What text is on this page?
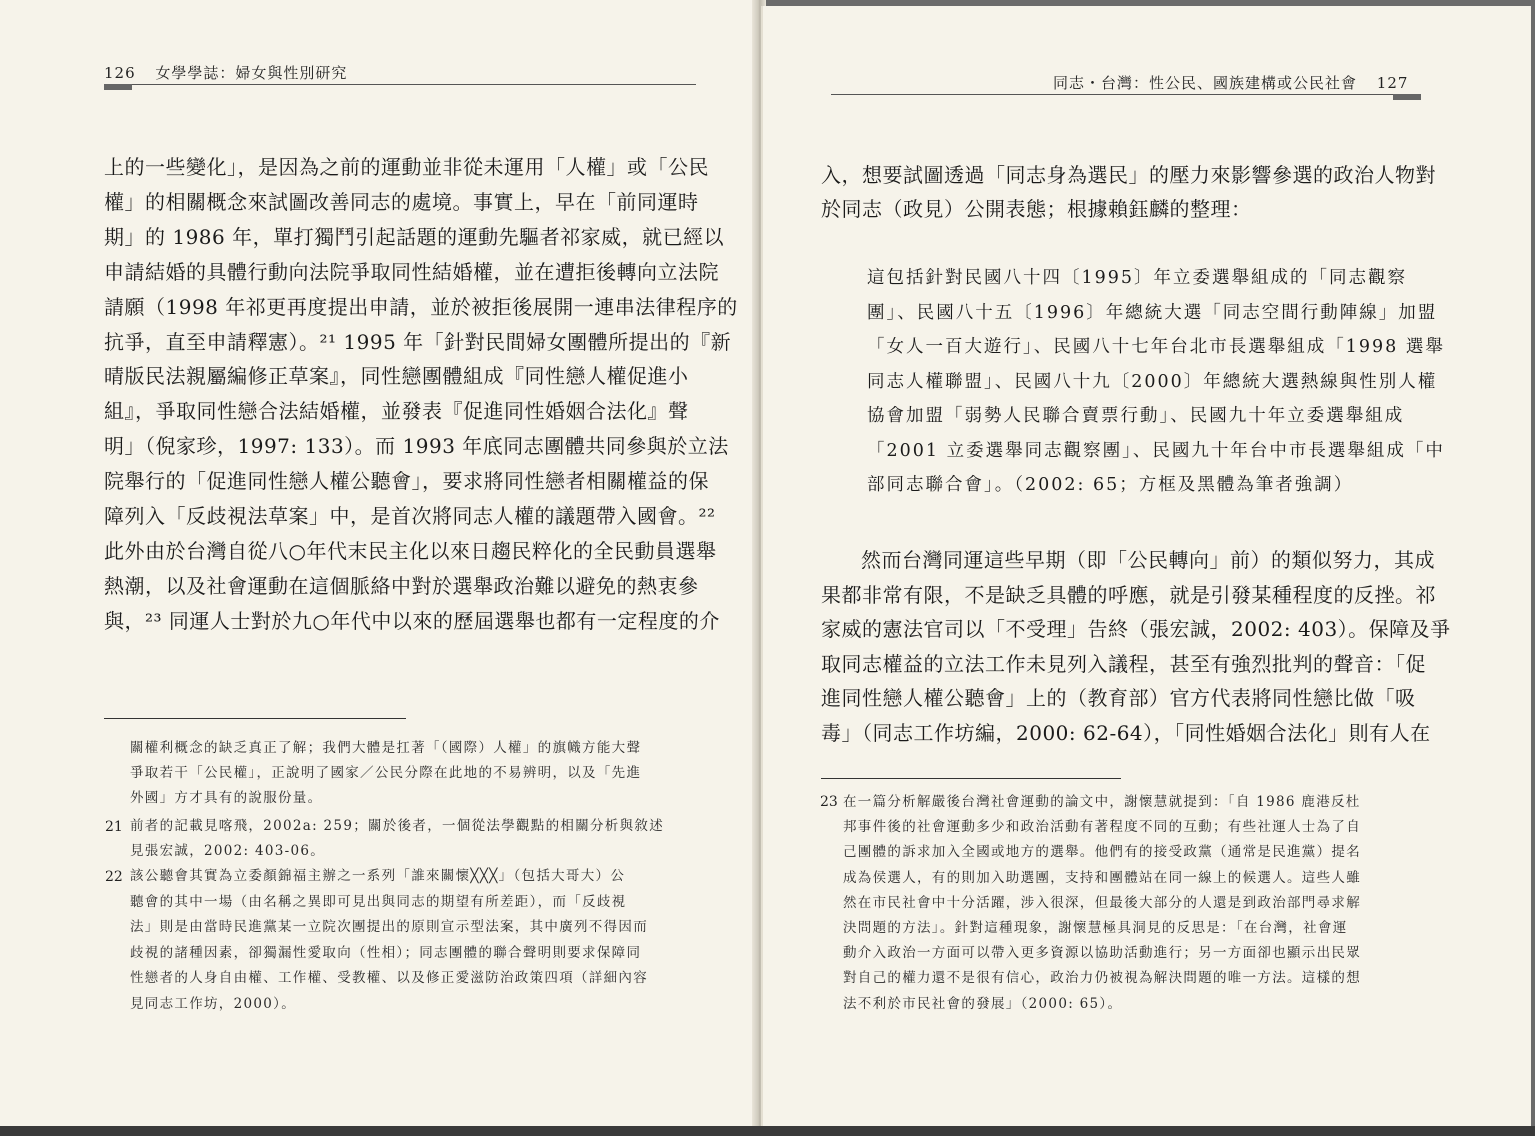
126 女學學誌：婦女與性別研究
上的一些變化」，是因為之前的運動並非從未運用「人權」或「公民
權」的相關概念來試圖改善同志的處境。事實上，早在「前同運時
期」的 1986 年，單打獨鬥引起話題的運動先驅者祁家威，就已經以
申請結婚的具體行動向法院爭取同性結婚權，並在遭拒後轉向立法院
請願（1998 年祁更再度提出申請，並於被拒後展開一連串法律程序的
抗爭，直至申請釋憲）。²¹ 1995 年「針對民間婦女團體所提出的『新
晴版民法親屬編修正草案』，同性戀團體組成『同性戀人權促進小
組』，爭取同性戀合法結婚權，並發表『促進同性婚姻合法化』聲
明」（倪家珍，1997: 133）。而 1993 年底同志團體共同參與於立法
院舉行的「促進同性戀人權公聽會」，要求將同性戀者相關權益的保
障列入「反歧視法草案」中，是首次將同志人權的議題帶入國會。²²
此外由於台灣自從八○年代末民主化以來日趨民粹化的全民動員選舉
熱潮，以及社會運動在這個脈絡中對於選舉政治難以避免的熱衷參
與，²³ 同運人士對於九○年代中以來的歷屆選舉也都有一定程度的介
關權利概念的缺乏真正了解；我們大體是扛著「（國際）人權」的旗幟方能大聲
爭取若干「公民權」，正說明了國家／公民分際在此地的不易辨明，以及「先進
外國」方才具有的說服份量。
21 前者的記載見喀飛，2002a: 259；關於後者，一個從法學觀點的相關分析與敘述
見張宏誠，2002: 403-06。
22 該公聽會其實為立委顏錦福主辦之一系列「誰來關懷╳╳╳」（包括大哥大）公
聽會的其中一場（由名稱之異即可見出與同志的期望有所差距），而「反歧視
法」則是由當時民進黨某一立院次團提出的原則宣示型法案，其中廣列不得因而
歧視的諸種因素，卻獨漏性愛取向（性相）；同志團體的聯合聲明則要求保障同
性戀者的人身自由權、工作權、受教權、以及修正愛滋防治政策四項（詳細內容
見同志工作坊，2000）。
同志・台灣：性公民、國族建構或公民社會 127
入，想要試圖透過「同志身為選民」的壓力來影響參選的政治人物對
於同志（政見）公開表態；根據賴鈺麟的整理：
這包括針對民國八十四〔1995〕年立委選舉組成的「同志觀察
團」、民國八十五〔1996〕年總統大選「同志空間行動陣線」加盟
「女人一百大遊行」、民國八十七年台北市長選舉組成「1998 選舉
同志人權聯盟」、民國八十九〔2000〕年總統大選熱線與性別人權
協會加盟「弱勢人民聯合賣票行動」、民國九十年立委選舉組成
「2001 立委選舉同志觀察團」、民國九十年台中市長選舉組成「中
部同志聯合會」。（2002: 65；方框及黑體為筆者強調）
然而台灣同運這些早期（即「公民轉向」前）的類似努力，其成
果都非常有限，不是缺乏具體的呼應，就是引發某種程度的反挫。祁
家威的憲法官司以「不受理」告終（張宏誠，2002: 403）。保障及爭
取同志權益的立法工作未見列入議程，甚至有強烈批判的聲音：「促
進同性戀人權公聽會」上的（教育部）官方代表將同性戀比做「吸
毒」（同志工作坊編，2000: 62-64），「同性婚姻合法化」則有人在
23 在一篇分析解嚴後台灣社會運動的論文中，謝懷慧就提到：「自 1986 鹿港反杜
邦事件後的社會運動多少和政治活動有著程度不同的互動；有些社運人士為了自
己團體的訴求加入全國或地方的選舉。他們有的接受政黨（通常是民進黨）提名
成為侯選人，有的則加入助選團，支持和團體站在同一線上的候選人。這些人雖
然在市民社會中十分活躍，涉入很深，但最後大部分的人還是到政治部門尋求解
決問題的方法」。針對這種現象，謝懷慧極具洞見的反思是：「在台灣，社會運
動介入政治一方面可以帶入更多資源以協助活動進行；另一方面卻也顯示出民眾
對自己的權力還不是很有信心，政治力仍被視為解決問題的唯一方法。這樣的想
法不利於市民社會的發展」（2000: 65）。
